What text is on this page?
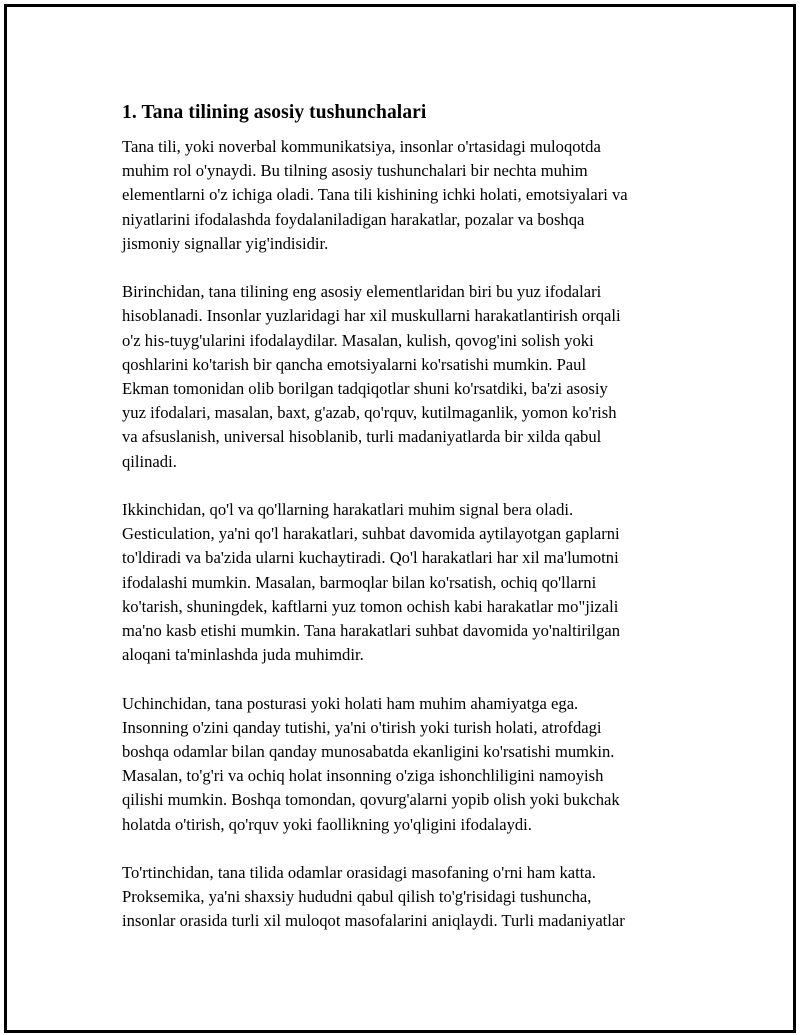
1. Tana tilining asosiy tushunchalari
Tana tili, yoki noverbal kommunikatsiya, insonlar o'rtasidagi muloqotda
muhim rol o'ynaydi. Bu tilning asosiy tushunchalari bir nechta muhim
elementlarni o'z ichiga oladi. Tana tili kishining ichki holati, emotsiyalari va
niyatlarini ifodalashda foydalaniladigan harakatlar, pozalar va boshqa
jismoniy signallar yig'indisidir.
Birinchidan, tana tilining eng asosiy elementlaridan biri bu yuz ifodalari
hisoblanadi. Insonlar yuzlaridagi har xil muskullarni harakatlantirish orqali
o'z his-tuyg'ularini ifodalaydilar. Masalan, kulish, qovog'ini solish yoki
qoshlarini ko'tarish bir qancha emotsiyalarni ko'rsatishi mumkin. Paul
Ekman tomonidan olib borilgan tadqiqotlar shuni ko'rsatdiki, ba'zi asosiy
yuz ifodalari, masalan, baxt, g'azab, qo'rquv, kutilmaganlik, yomon ko'rish
va afsuslanish, universal hisoblanib, turli madaniyatlarda bir xilda qabul
qilinadi.
Ikkinchidan, qo'l va qo'llarning harakatlari muhim signal bera oladi.
Gesticulation, ya'ni qo'l harakatlari, suhbat davomida aytilayotgan gaplarni
to'ldiradi va ba'zida ularni kuchaytiradi. Qo'l harakatlari har xil ma'lumotni
ifodalashi mumkin. Masalan, barmoqlar bilan ko'rsatish, ochiq qo'llarni
ko'tarish, shuningdek, kaftlarni yuz tomon ochish kabi harakatlar mo"jizali
ma'no kasb etishi mumkin. Tana harakatlari suhbat davomida yo'naltirilgan
aloqani ta'minlashda juda muhimdir.
Uchinchidan, tana posturasi yoki holati ham muhim ahamiyatga ega.
Insonning o'zini qanday tutishi, ya'ni o'tirish yoki turish holati, atrofdagi
boshqa odamlar bilan qanday munosabatda ekanligini ko'rsatishi mumkin.
Masalan, to'g'ri va ochiq holat insonning o'ziga ishonchliligini namoyish
qilishi mumkin. Boshqa tomondan, qovurg'alarni yopib olish yoki bukchak
holatda o'tirish, qo'rquv yoki faollikning yo'qligini ifodalaydi.
To'rtinchidan, tana tilida odamlar orasidagi masofaning o'rni ham katta.
Proksemika, ya'ni shaxsiy hududni qabul qilish to'g'risidagi tushuncha,
insonlar orasida turli xil muloqot masofalarini aniqlaydi. Turli madaniyatlar
